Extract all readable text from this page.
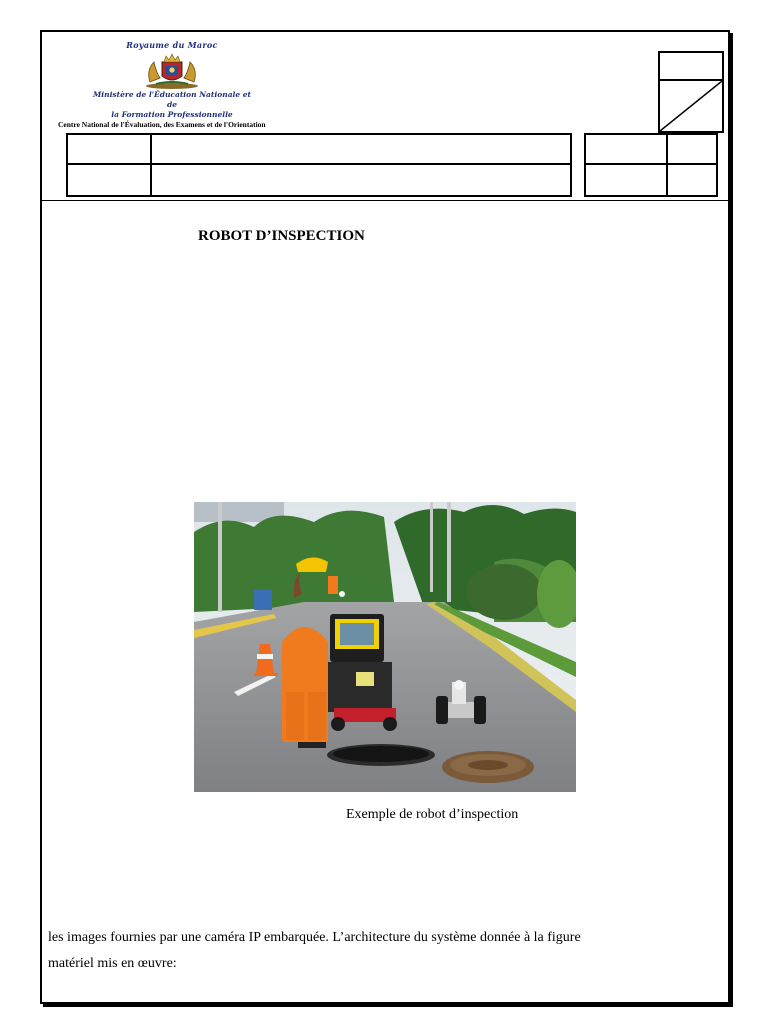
Royaume du Maroc
Ministère de l'Éducation Nationale et de
la Formation Professionnelle
Centre National de l'Évaluation, des Examens et de l'Orientation
ROBOT D’INSPECTION
Exemple de robot d’inspection
les images fournies par une caméra IP embarquée. L’architecture du système donnée à la figure
matériel mis en œuvre:
